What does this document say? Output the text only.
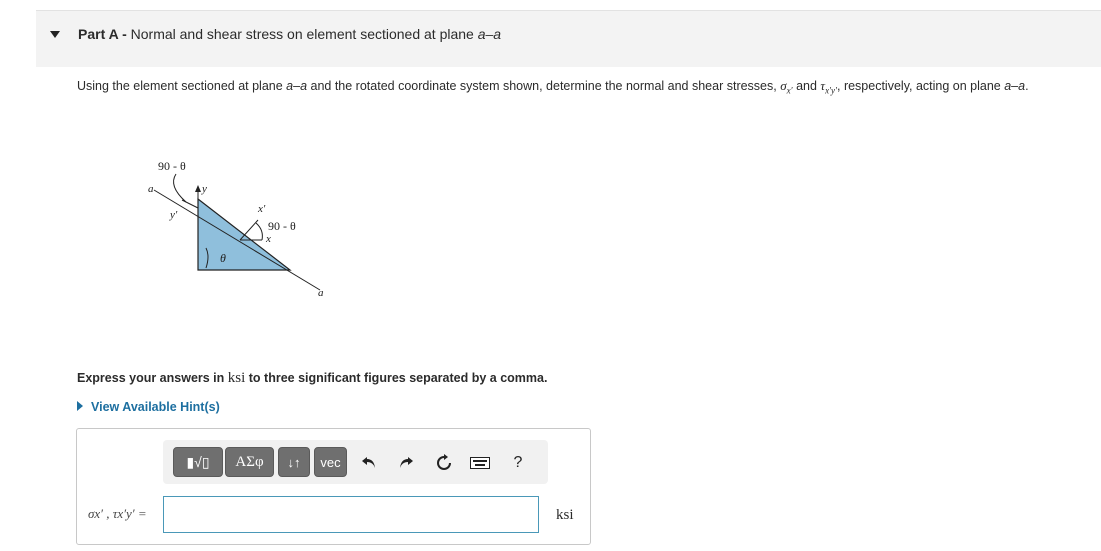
Part A - Normal and shear stress on element sectioned at plane a–a
Using the element sectioned at plane a–a and the rotated coordinate system shown, determine the normal and shear stresses, $\sigma_{x'}$ and $\tau_{x'y'}$, respectively, acting on plane a–a.
90 - θ
a	y
y'	x'
90 - θ
x
θ
a
Express your answers in ksi to three significant figures separated by a comma.
View Available Hint(s)
▮√▯ ΑΣφ ↓↑ vec	?
σx′ , τx′y′ =	ksi
